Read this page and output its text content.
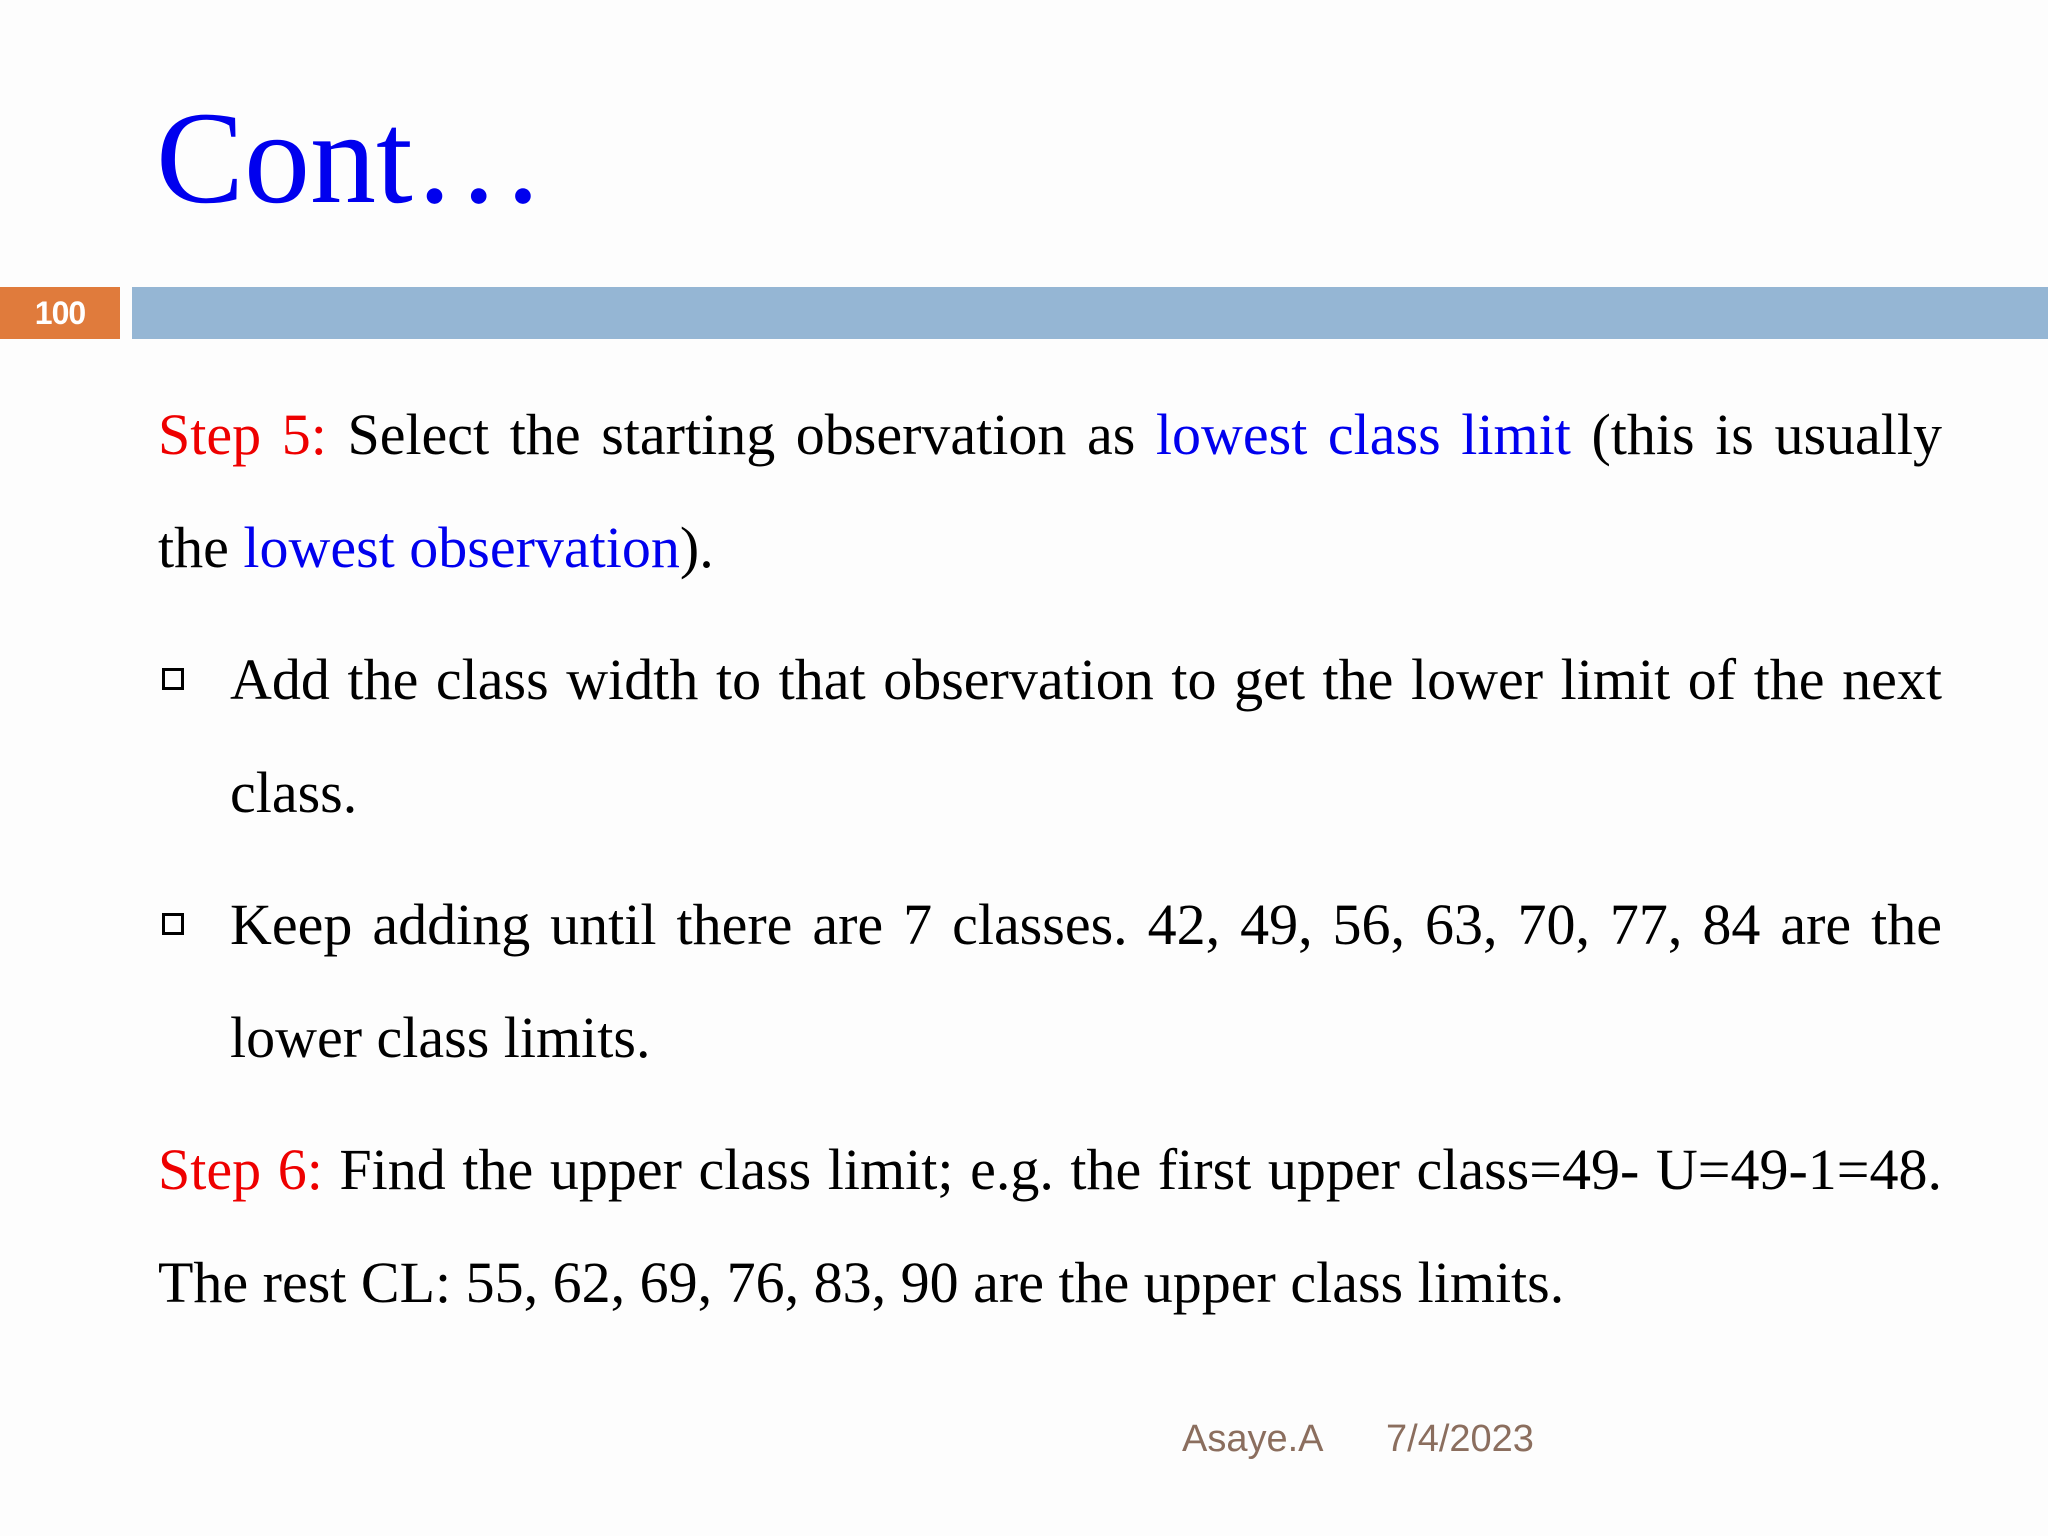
Cont…
100
Step 5: Select the starting observation as lowest class limit (this is usually the lowest observation).
Add the class width to that observation to get the lower limit of the next class.
Keep adding until there are 7 classes. 42, 49, 56, 63, 70, 77, 84 are the lower class limits.
Step 6: Find the upper class limit; e.g. the first upper class=49- U=49-1=48. The rest CL: 55, 62, 69, 76, 83, 90 are the upper class limits.
Asaye.A 7/4/2023
